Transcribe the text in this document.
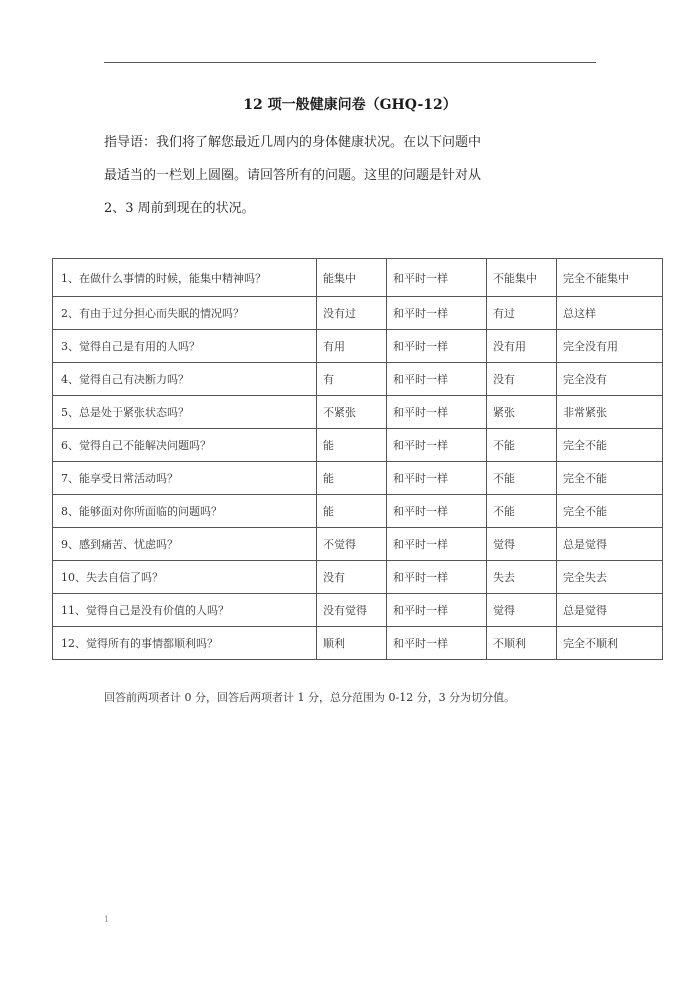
12 项一般健康问卷（GHQ-12）

指导语：我们将了解您最近几周内的身体健康状况。在以下问题中

最适当的一栏划上圆圈。请回答所有的问题。这里的问题是针对从

2、3 周前到现在的状况。

1、在做什么事情的时候，能集中精神吗？	能集中	和平时一样	不能集中	完全不能集中
2、有由于过分担心而失眠的情况吗？	没有过	和平时一样	有过	总这样
3、觉得自己是有用的人吗？	有用	和平时一样	没有用	完全没有用
4、觉得自己有决断力吗？	有	和平时一样	没有	完全没有
5、总是处于紧张状态吗？	不紧张	和平时一样	紧张	非常紧张
6、觉得自己不能解决问题吗？	能	和平时一样	不能	完全不能
7、能享受日常活动吗？	能	和平时一样	不能	完全不能
8、能够面对你所面临的问题吗？	能	和平时一样	不能	完全不能
9、感到痛苦、忧虑吗？	不觉得	和平时一样	觉得	总是觉得
10、失去自信了吗？	没有	和平时一样	失去	完全失去
11、觉得自己是没有价值的人吗？	没有觉得	和平时一样	觉得	总是觉得
12、觉得所有的事情都顺利吗？	顺利	和平时一样	不顺利	完全不顺利
回答前两项者计 0 分，回答后两项者计 1 分，总分范围为 0-12 分，3 分为切分值。
1
